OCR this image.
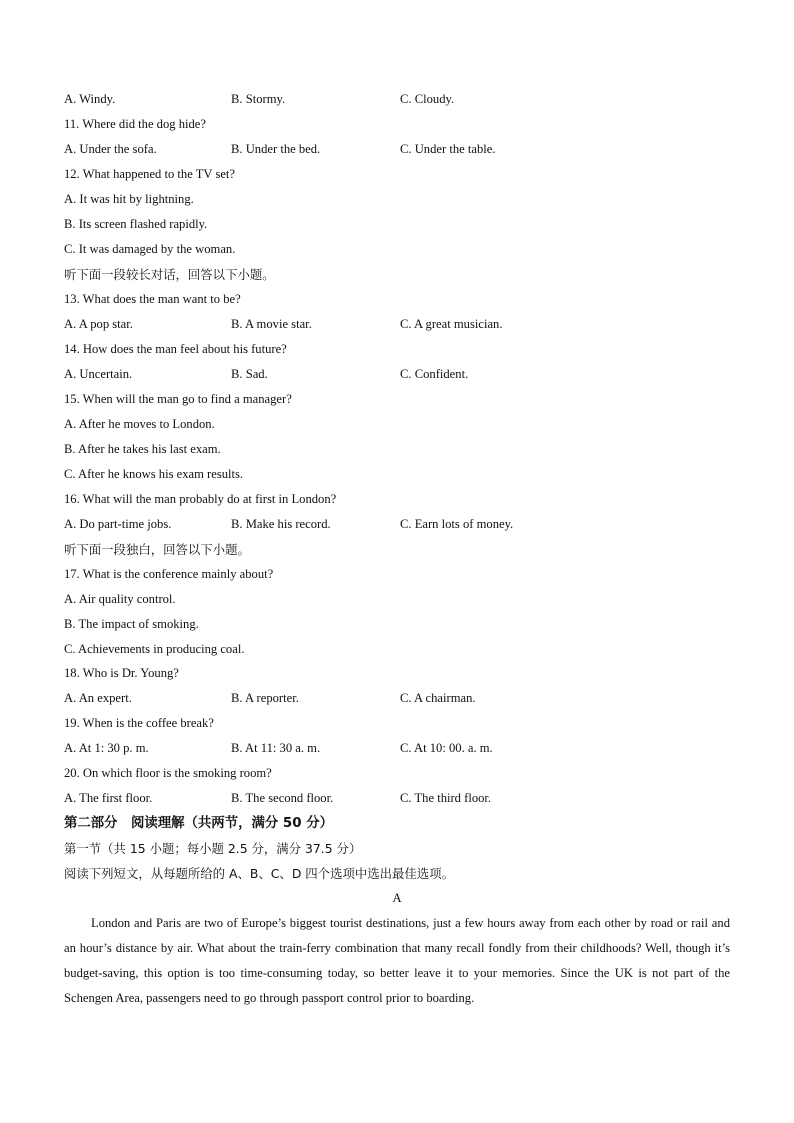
A. Windy.	B. Stormy.	C. Cloudy.
11. Where did the dog hide?
A. Under the sofa.	B. Under the bed.	C. Under the table.
12. What happened to the TV set?
A. It was hit by lightning.
B. Its screen flashed rapidly.
C. It was damaged by the woman.
听下面一段较长对话，回答以下小题。
13. What does the man want to be?
A. A pop star.	B. A movie star.	C. A great musician.
14. How does the man feel about his future?
A. Uncertain.	B. Sad.	C. Confident.
15. When will the man go to find a manager?
A. After he moves to London.
B. After he takes his last exam.
C. After he knows his exam results.
16. What will the man probably do at first in London?
A. Do part-time jobs.	B. Make his record.	C. Earn lots of money.
听下面一段独白，回答以下小题。
17. What is the conference mainly about?
A. Air quality control.
B. The impact of smoking.
C. Achievements in producing coal.
18. Who is Dr. Young?
A. An expert.	B. A reporter.	C. A chairman.
19. When is the coffee break?
A. At 1: 30 p. m.	B. At 11: 30 a. m.	C. At 10: 00. a. m.
20. On which floor is the smoking room?
A. The first floor.	B. The second floor.	C. The third floor.
第二部分　阅读理解（共两节，满分 50 分）
第一节（共 15 小题；每小题 2.5 分，满分 37.5 分）
阅读下列短文，从每题所给的 A、B、C、D 四个选项中选出最佳选项。
A

London and Paris are two of Europe’s biggest tourist destinations, just a few hours away from each other by road or rail and an hour’s distance by air. What about the train-ferry combination that many recall fondly from their childhoods? Well, though it’s budget-saving, this option is too time-consuming today, so better leave it to your memories. Since the UK is not part of the Schengen Area, passengers need to go through passport control prior to boarding.
